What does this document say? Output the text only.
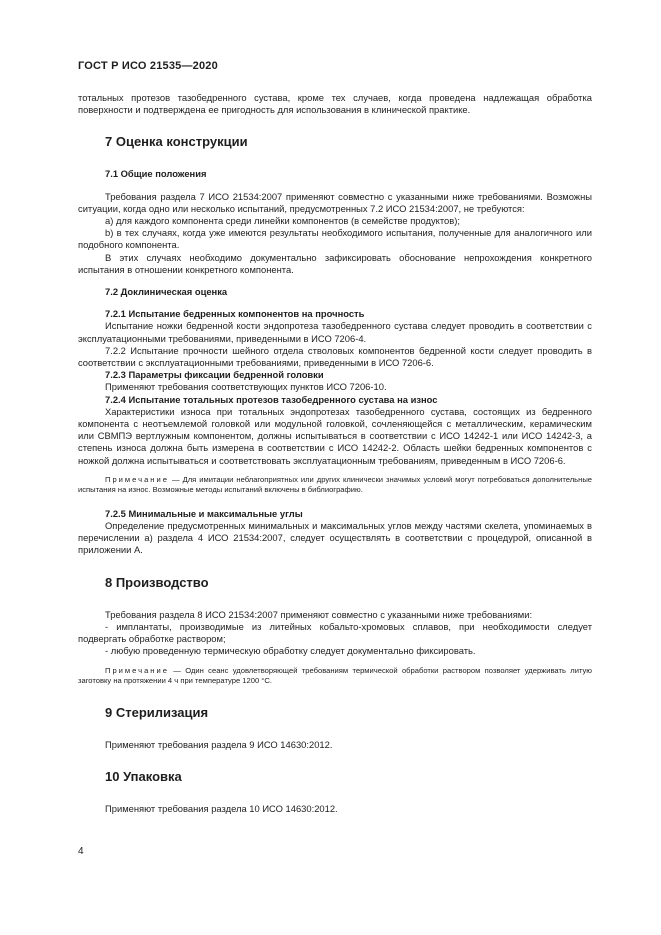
ГОСТ Р ИСО 21535—2020

тотальных протезов тазобедренного сустава, кроме тех случаев, когда проведена надлежащая обработка поверхности и подтверждена ее пригодность для использования в клинической практике.

7 Оценка конструкции
7.1 Общие положения

Требования раздела 7 ИСО 21534:2007 применяют совместно с указанными ниже требованиями. Возможны ситуации, когда одно или несколько испытаний, предусмотренных 7.2 ИСО 21534:2007, не требуются:

a) для каждого компонента среди линейки компонентов (в семействе продуктов);

b) в тех случаях, когда уже имеются результаты необходимого испытания, полученные для аналогичного или подобного компонента.

В этих случаях необходимо документально зафиксировать обоснование непрохождения конкретного испытания в отношении конкретного компонента.

7.2 Доклиническая оценка
7.2.1 Испытание бедренных компонентов на прочность

Испытание ножки бедренной кости эндопротеза тазобедренного сустава следует проводить в соответствии с эксплуатационными требованиями, приведенными в ИСО 7206-4.

7.2.2 Испытание прочности шейного отдела стволовых компонентов бедренной кости следует проводить в соответствии с эксплуатационными требованиями, приведенными в ИСО 7206-6.

7.2.3 Параметры фиксации бедренной головки

Применяют требования соответствующих пунктов ИСО 7206-10.

7.2.4 Испытание тотальных протезов тазобедренного сустава на износ

Характеристики износа при тотальных эндопротезах тазобедренного сустава, состоящих из бедренного компонента с неотъемлемой головкой или модульной головкой, сочленяющейся с металлическим, керамическим или СВМПЭ вертлужным компонентом, должны испытываться в соответствии с ИСО 14242-1 или ИСО 14242-3, а степень износа должна быть измерена в соответствии с ИСО 14242-2. Область шейки бедренных компонентов с ножкой должна испытываться и соответствовать эксплуатационным требованиям, приведенным в ИСО 7206-6.

Примечание — Для имитации неблагоприятных или других клинически значимых условий могут потребоваться дополнительные испытания на износ. Возможные методы испытаний включены в библиографию.

7.2.5 Минимальные и максимальные углы

Определение предусмотренных минимальных и максимальных углов между частями скелета, упоминаемых в перечислении а) раздела 4 ИСО 21534:2007, следует осуществлять в соответствии с процедурой, описанной в приложении А.

8 Производство

Требования раздела 8 ИСО 21534:2007 применяют совместно с указанными ниже требованиями:

- имплантаты, производимые из литейных кобальто-хромовых сплавов, при необходимости следует подвергать обработке раствором;

- любую проведенную термическую обработку следует документально фиксировать.

Примечание — Один сеанс удовлетворяющей требованиям термической обработки раствором позволяет удерживать литую заготовку на протяжении 4 ч при температуре 1200 °С.

9 Стерилизация

Применяют требования раздела 9 ИСО 14630:2012.

10 Упаковка

Применяют требования раздела 10 ИСО 14630:2012.

4
